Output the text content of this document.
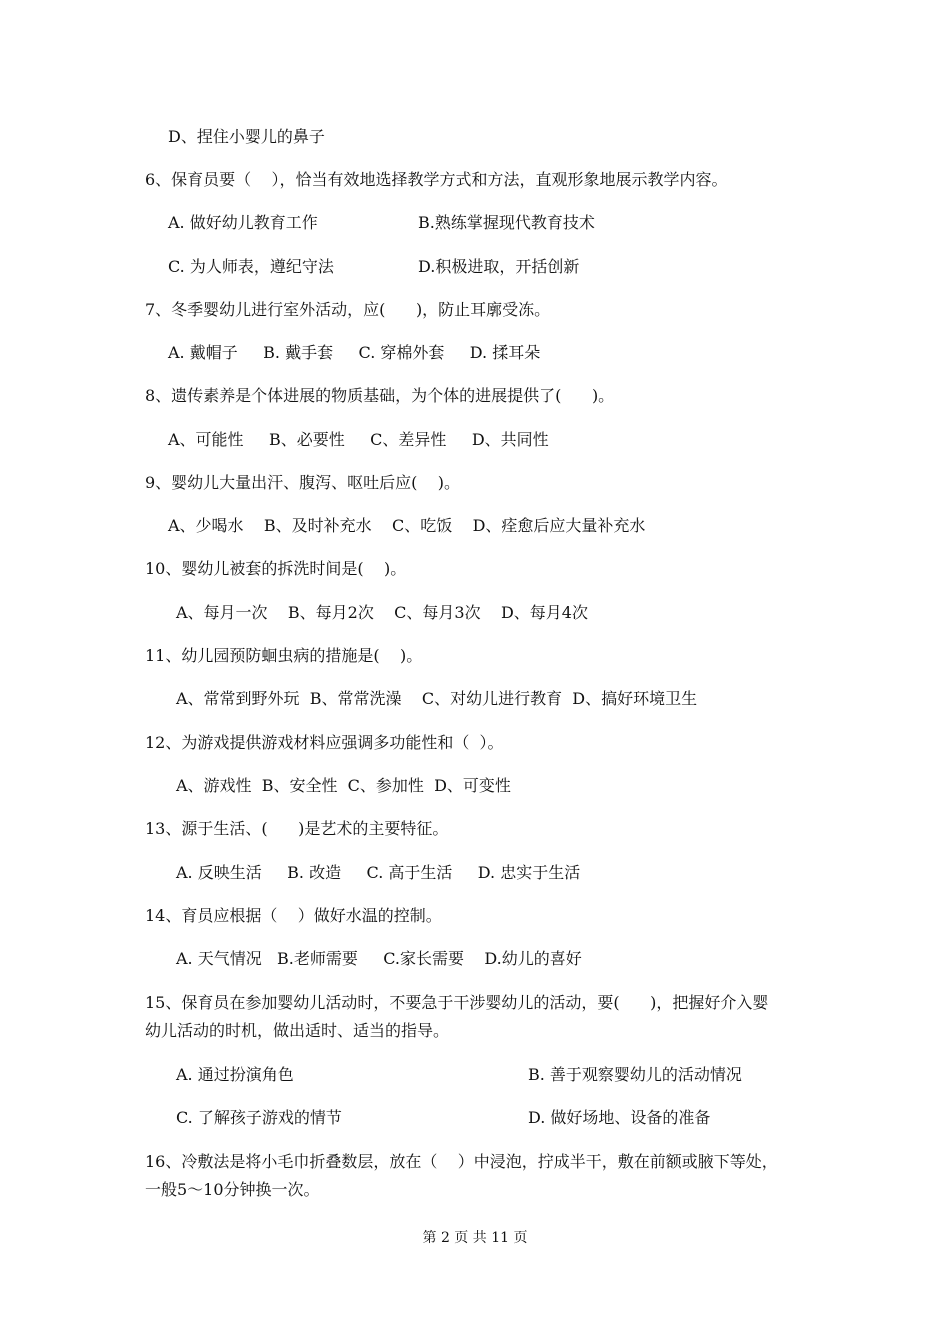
D、捏住小婴儿的鼻子
6、保育员要（    ），恰当有效地选择教学方式和方法，直观形象地展示教学内容。
A. 做好幼儿教育工作	B.熟练掌握现代教育技术
C. 为人师表，遵纪守法	D.积极进取，开括创新
7、冬季婴幼儿进行室外活动，应(      )，防止耳廓受冻。
A. 戴帽子     B. 戴手套     C. 穿棉外套     D. 揉耳朵
8、遗传素养是个体进展的物质基础，为个体的进展提供了(      )。
A、可能性     B、必要性     C、差异性     D、共同性
9、婴幼儿大量出汗、腹泻、呕吐后应(    )。
A、少喝水    B、及时补充水    C、吃饭    D、痊愈后应大量补充水
10、婴幼儿被套的拆洗时间是(    )。
A、每月一次    B、每月2次    C、每月3次    D、每月4次
11、幼儿园预防蛔虫病的措施是(    )。
A、常常到野外玩  B、常常洗澡    C、对幼儿进行教育  D、搞好环境卫生
12、为游戏提供游戏材料应强调多功能性和（  ）。
A、游戏性  B、安全性  C、参加性  D、可变性
13、源于生活、(      )是艺术的主要特征。
A. 反映生活     B. 改造     C. 高于生活     D. 忠实于生活
14、育员应根据（    ）做好水温的控制。
A. 天气情况   B.老师需要     C.家长需要    D.幼儿的喜好
15、保育员在参加婴幼儿活动时，不要急于干涉婴幼儿的活动，要(      )，把握好介入婴
幼儿活动的时机，做出适时、适当的指导。
A. 通过扮演角色	B. 善于观察婴幼儿的活动情况
C. 了解孩子游戏的情节	D. 做好场地、设备的准备
16、冷敷法是将小毛巾折叠数层，放在（    ）中浸泡，拧成半干，敷在前额或腋下等处，
一般5～10分钟换一次。
第 2 页 共 11 页
